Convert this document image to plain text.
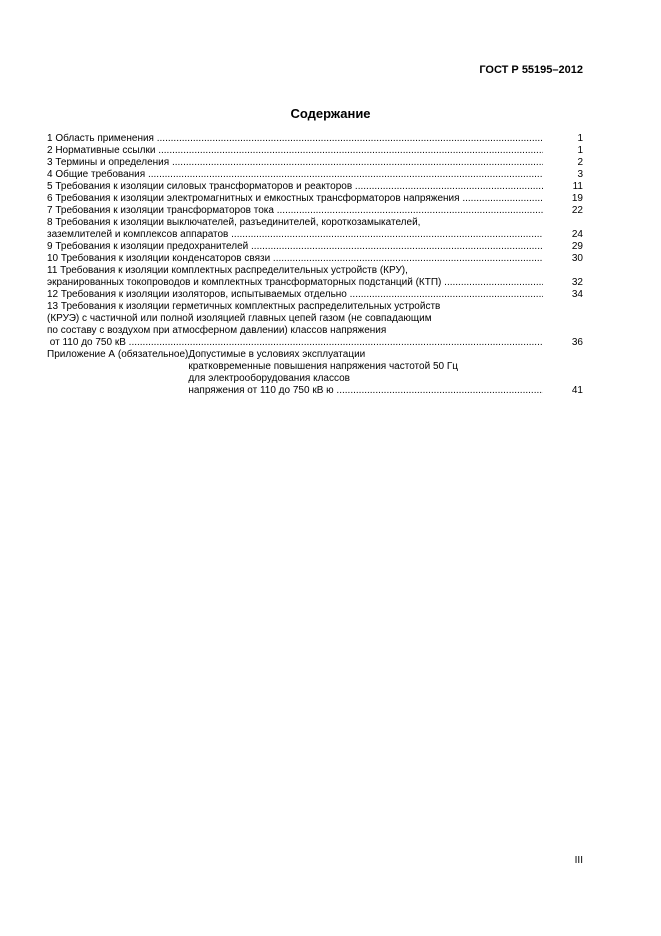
ГОСТ Р 55195–2012
Содержание
1 Область применения .....	1
2 Нормативные ссылки .....	1
3 Термины и определения .....	2
4 Общие требования .....	3
5 Требования к изоляции силовых трансформаторов и реакторов .....	11
6 Требования к изоляции электромагнитных и емкостных трансформаторов напряжения .....	19
7 Требования к изоляции трансформаторов тока .....	22
8 Требования к изоляции выключателей, разъединителей, короткозамыкателей,
заземлителей и комплексов аппаратов .....	24
9 Требования к изоляции предохранителей .....	29
10 Требования к изоляции конденсаторов связи .....	30
11 Требования к изоляции комплектных распределительных устройств (КРУ),
экранированных токопроводов и комплектных трансформаторных подстанций (КТП) .....	32
12 Требования к изоляции изоляторов, испытываемых отдельно .....	34
13 Требования к изоляции герметичных комплектных распределительных устройств
(КРУЭ) с частичной или полной изоляцией главных цепей газом (не совпадающим
по составу с воздухом при атмосферном давлении) классов напряжения
от 110 до 750 кВ .....	36
Приложение А (обязательное) Допустимые в условиях эксплуатации
кратковременные повышения напряжения частотой 50 Гц
для электрооборудования классов
напряжения от 110 до 750 кВ ю .....	41
III
